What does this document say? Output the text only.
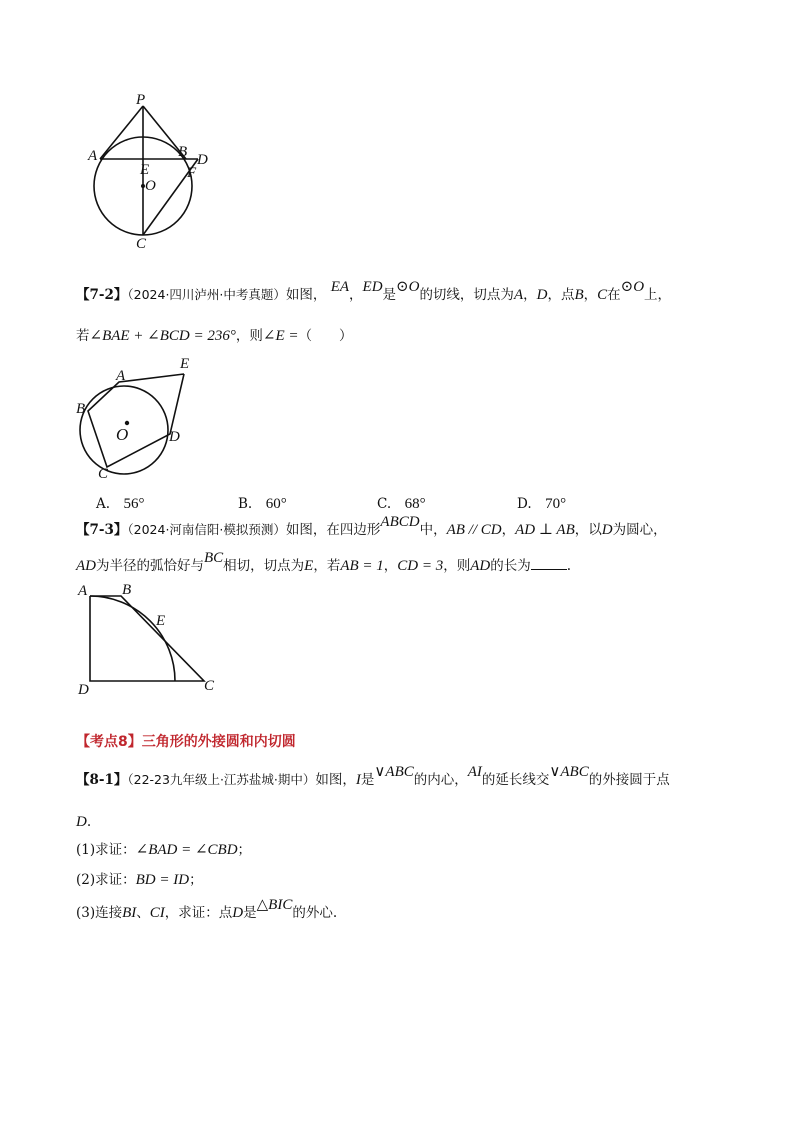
P
A	B D
E
O
F
C
【7-2】（2024·四川泸州·中考真题）如图， EA，ED是⊙O的切线，切点为A，D，点B，C在⊙O上，
若∠BAE + ∠BCD = 236°，则∠E =（　　）
A
E
B
O	D
C
A.　 56°	B.　 60°	C.　 68°	D.　 70°
【7-3】（2024·河南信阳·模拟预测）如图，在四边形ABCD中，AB // CD，AD ⊥ AB，以D为圆心，
AD为半径的弧恰好与BC相切，切点为E，若AB = 1，CD = 3，则AD的长为	.
A B
E
D	C
【考点8】三角形的外接圆和内切圆
【8-1】（22-23九年级上·江苏盐城·期中）如图，I是∨ABC的内心，AI的延长线交∨ABC的外接圆于点
D.
(1)求证：∠BAD = ∠CBD；
(2)求证：BD = ID；
(3)连接BI、CI，求证：点D是△BIC的外心.
